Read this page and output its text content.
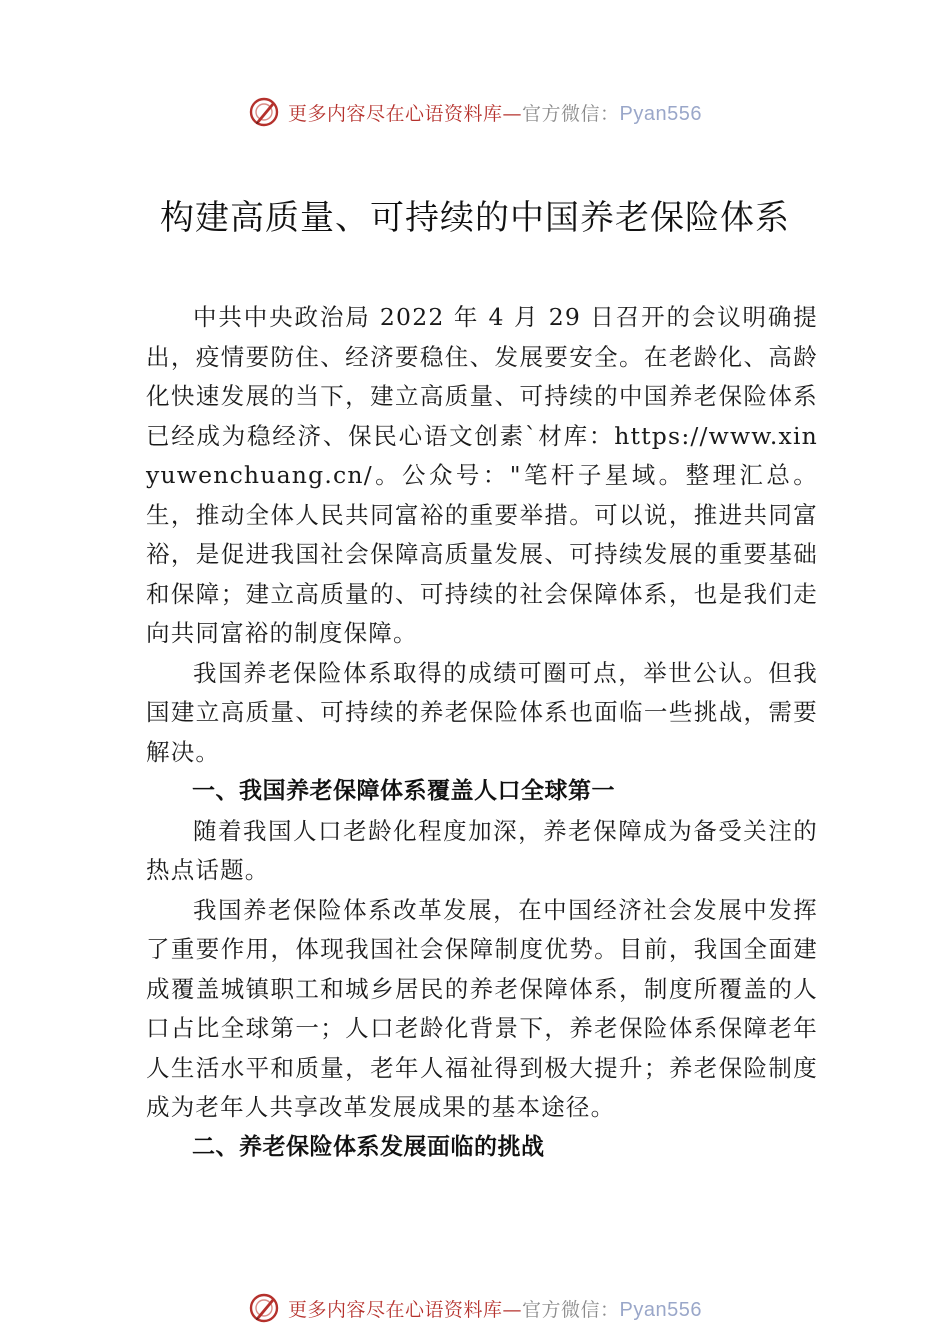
更多内容尽在心语资料库—官方微信：Pyan556
构建高质量、可持续的中国养老保险体系

中共中央政治局 2022 年 4 月 29 日召开的会议明确提出，疫情要防住、经济要稳住、发展要安全。在老龄化、高龄化快速发展的当下，建立高质量、可持续的中国养老保险体系已经成为稳经济、保民心语文创素`材库：https://www.xinyuwenchuang.cn/。公众号："笔杆子星域。整理汇总。生，推动全体人民共同富裕的重要举措。可以说，推进共同富裕，是促进我国社会保障高质量发展、可持续发展的重要基础和保障；建立高质量的、可持续的社会保障体系，也是我们走向共同富裕的制度保障。

我国养老保险体系取得的成绩可圈可点，举世公认。但我国建立高质量、可持续的养老保险体系也面临一些挑战，需要解决。

一、我国养老保障体系覆盖人口全球第一

随着我国人口老龄化程度加深，养老保障成为备受关注的热点话题。

我国养老保险体系改革发展，在中国经济社会发展中发挥了重要作用，体现我国社会保障制度优势。目前，我国全面建成覆盖城镇职工和城乡居民的养老保障体系，制度所覆盖的人口占比全球第一；人口老龄化背景下，养老保险体系保障老年人生活水平和质量，老年人福祉得到极大提升；养老保险制度成为老年人共享改革发展成果的基本途径。

二、养老保险体系发展面临的挑战
更多内容尽在心语资料库—官方微信：Pyan556
